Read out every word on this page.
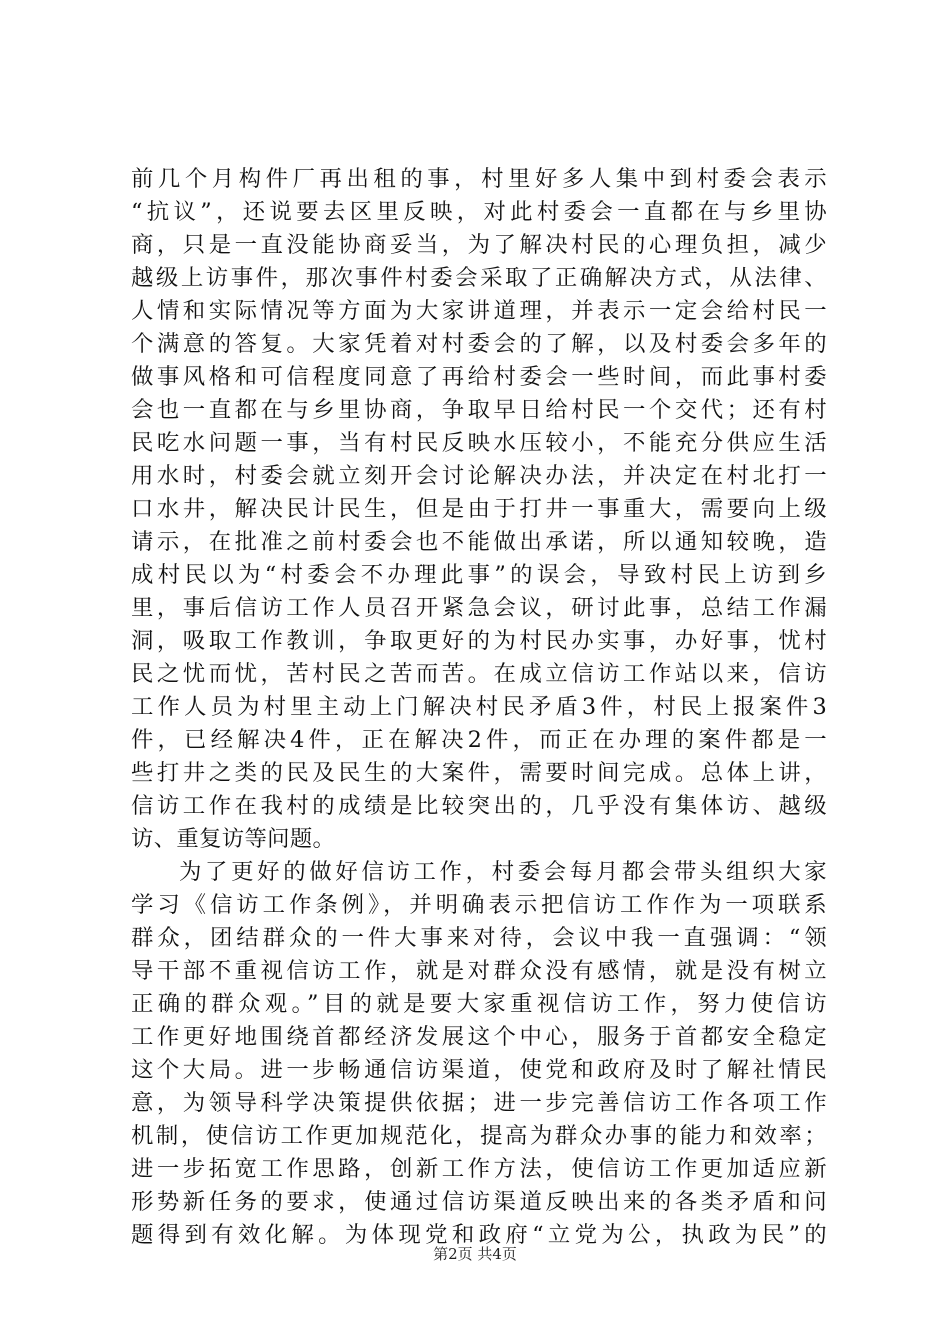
前几个月构件厂再出租的事，村里好多人集中到村委会表示
“抗议”，还说要去区里反映，对此村委会一直都在与乡里协
商，只是一直没能协商妥当，为了解决村民的心理负担，减少
越级上访事件，那次事件村委会采取了正确解决方式，从法律、
人情和实际情况等方面为大家讲道理，并表示一定会给村民一
个满意的答复。大家凭着对村委会的了解，以及村委会多年的
做事风格和可信程度同意了再给村委会一些时间，而此事村委
会也一直都在与乡里协商，争取早日给村民一个交代；还有村
民吃水问题一事，当有村民反映水压较小，不能充分供应生活
用水时，村委会就立刻开会讨论解决办法，并决定在村北打一
口水井，解决民计民生，但是由于打井一事重大，需要向上级
请示，在批准之前村委会也不能做出承诺，所以通知较晚，造
成村民以为“村委会不办理此事”的误会，导致村民上访到乡
里，事后信访工作人员召开紧急会议，研讨此事，总结工作漏
洞，吸取工作教训，争取更好的为村民办实事，办好事，忧村
民之忧而忧，苦村民之苦而苦。在成立信访工作站以来，信访
工作人员为村里主动上门解决村民矛盾3件，村民上报案件3
件，已经解决4件，正在解决2件，而正在办理的案件都是一
些打井之类的民及民生的大案件，需要时间完成。总体上讲，
信访工作在我村的成绩是比较突出的，几乎没有集体访、越级
访、重复访等问题。
为了更好的做好信访工作，村委会每月都会带头组织大家
学习《信访工作条例》，并明确表示把信访工作作为一项联系
群众，团结群众的一件大事来对待，会议中我一直强调：“领
导干部不重视信访工作，就是对群众没有感情，就是没有树立
正确的群众观。”目的就是要大家重视信访工作，努力使信访
工作更好地围绕首都经济发展这个中心，服务于首都安全稳定
这个大局。进一步畅通信访渠道，使党和政府及时了解社情民
意，为领导科学决策提供依据；进一步完善信访工作各项工作
机制，使信访工作更加规范化，提高为群众办事的能力和效率；
进一步拓宽工作思路，创新工作方法，使信访工作更加适应新
形势新任务的要求，使通过信访渠道反映出来的各类矛盾和问
题得到有效化解。为体现党和政府“立党为公，执政为民”的
第2页 共4页
